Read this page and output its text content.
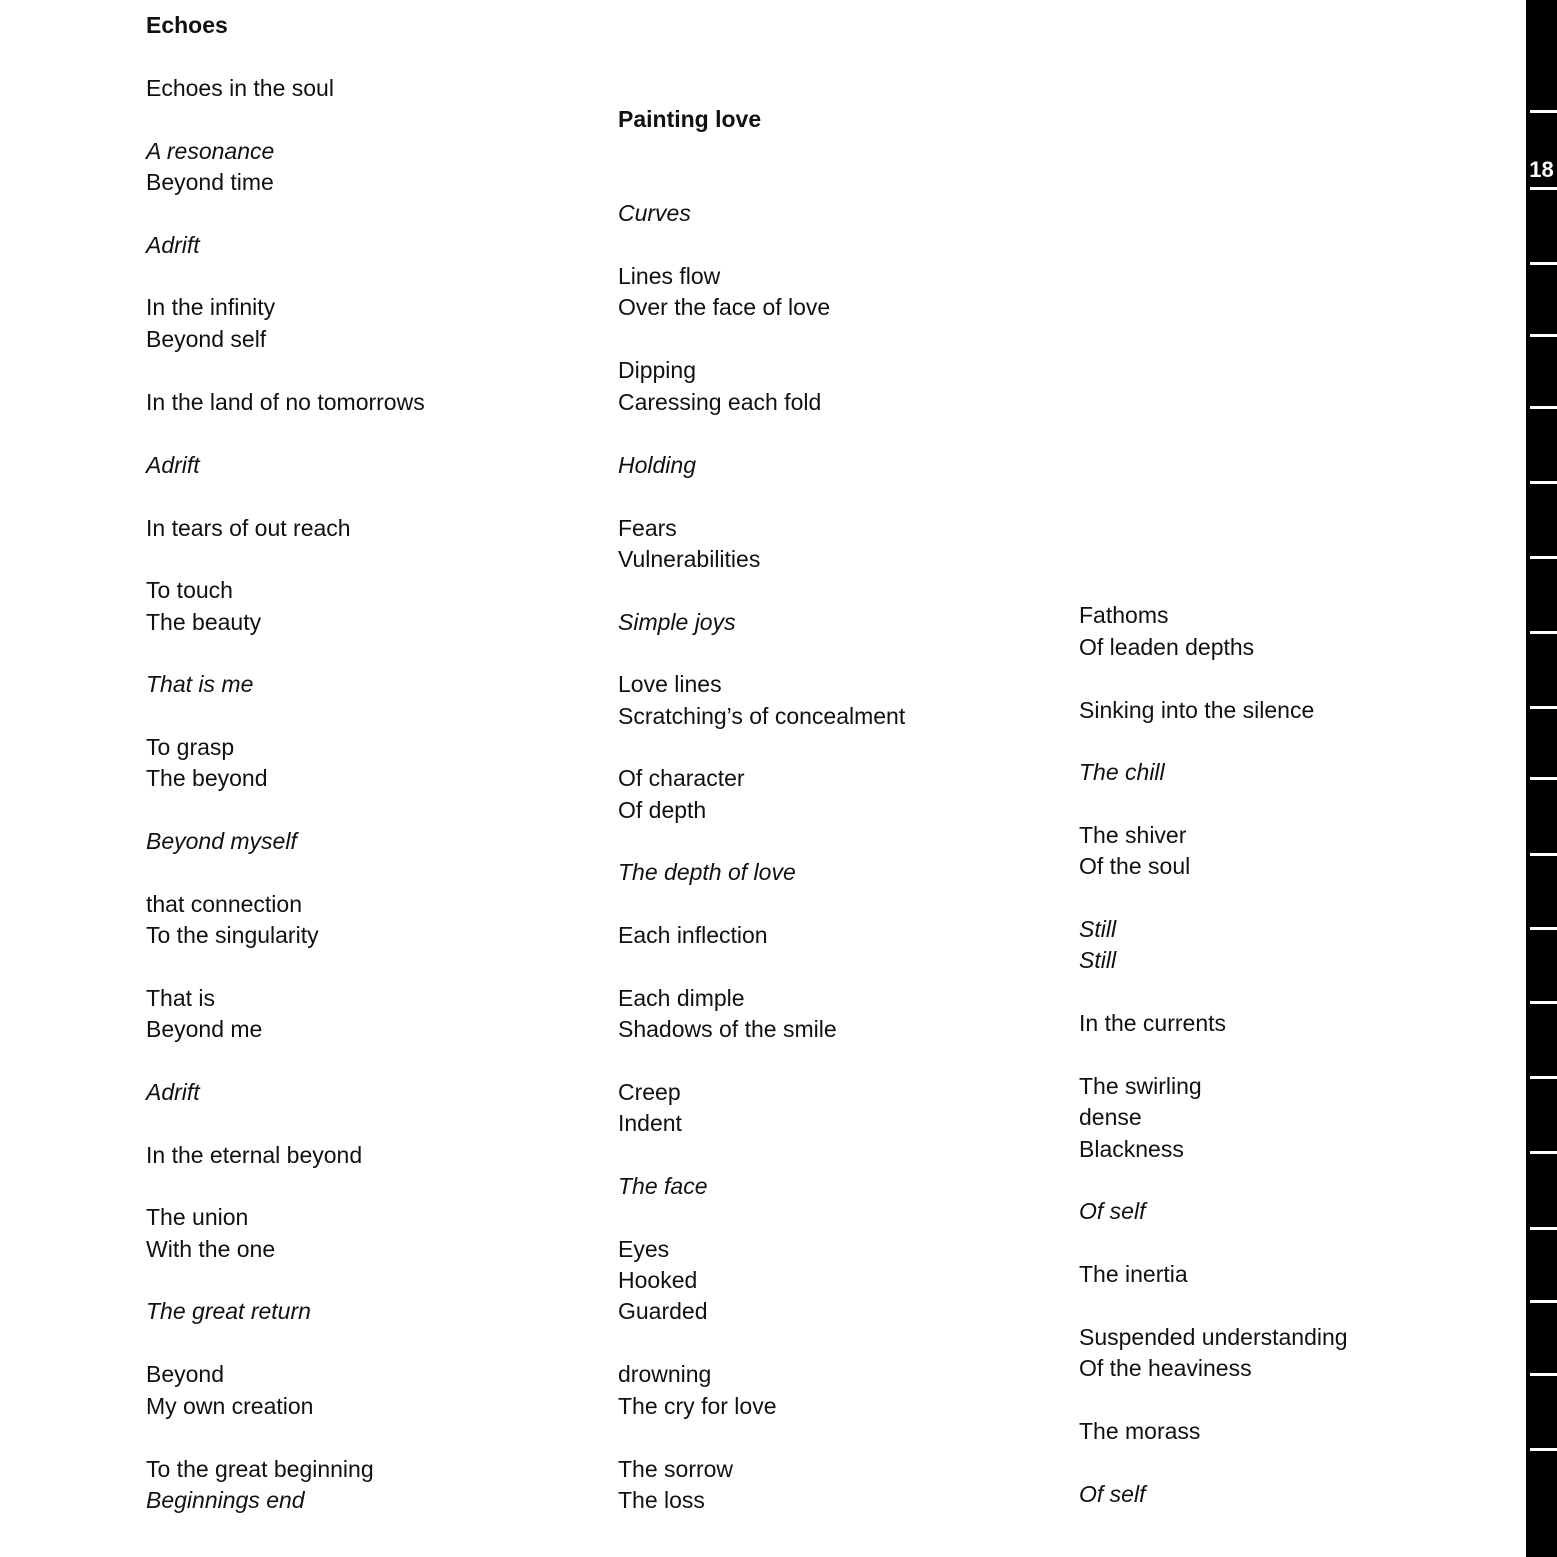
18
Echoes
Echoes in the soul
A resonance
Beyond time
Adrift
In the infinity
Beyond self
In the land of no tomorrows
Adrift
In tears of out reach
To touch
The beauty
That is me
To grasp
The beyond
Beyond myself
that connection
To the singularity
That is
Beyond me
Adrift
In the eternal beyond
The union
With the one
The great return
Beyond
My own creation
To the great beginning
Beginnings end
Painting love
Curves
Lines flow
Over the face of love
Dipping
Caressing each fold
Holding
Fears
Vulnerabilities
Simple joys
Love lines
Scratching’s of concealment
Of character
Of depth
The depth of love
Each inflection
Each dimple
Shadows of the smile
Creep
Indent
The face
Eyes
Hooked
Guarded
drowning
The cry for love
The sorrow
The loss
Fathoms
Of leaden depths
Sinking into the silence
The chill
The shiver
Of the soul
Still
Still
In the currents
The swirling
dense
Blackness
Of self
The inertia
Suspended understanding
Of the heaviness
The morass
Of self
